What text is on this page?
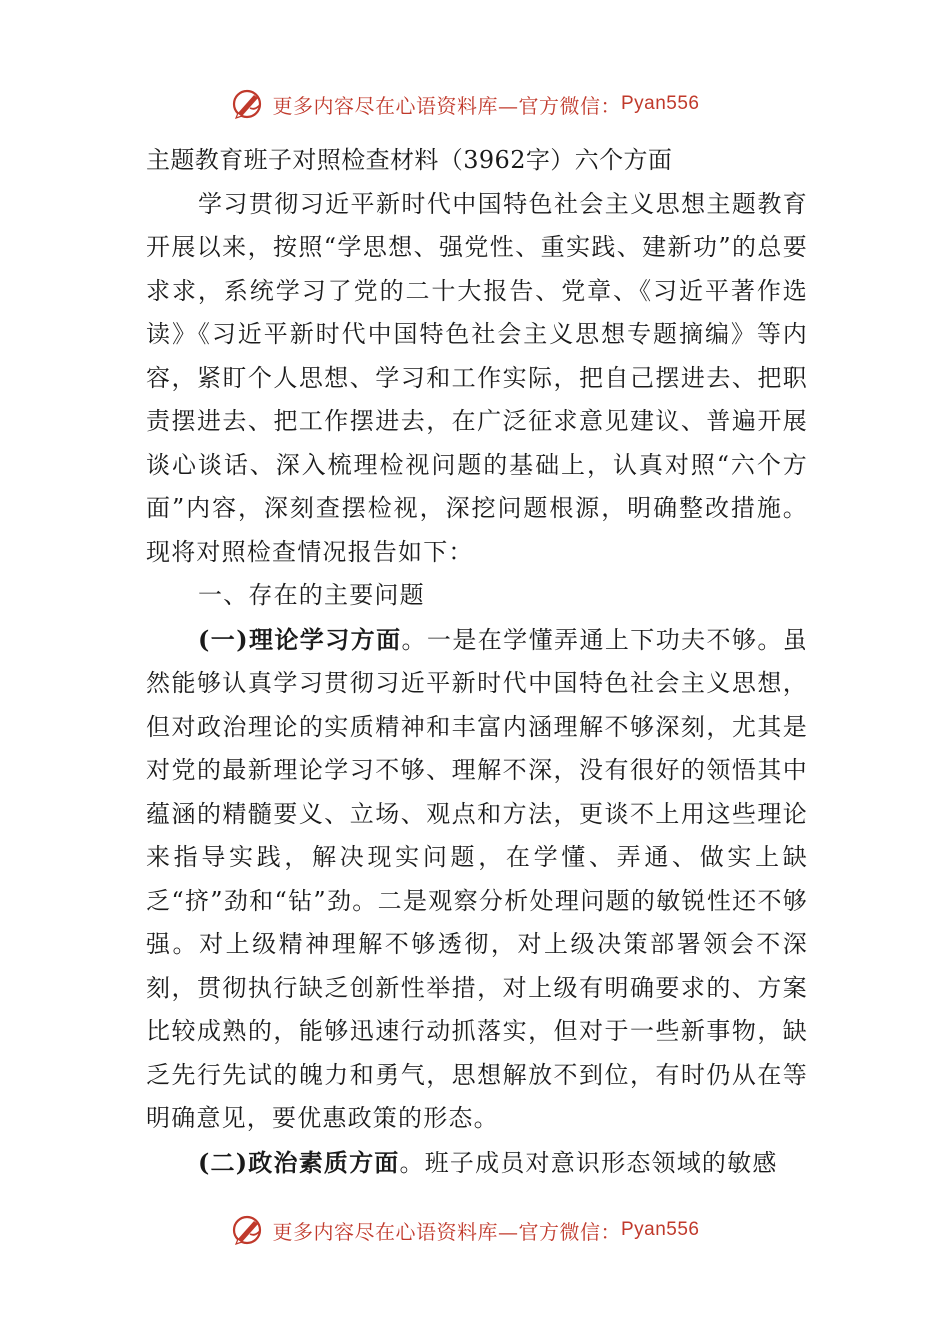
更多内容尽在心语资料库—官方微信： Pyan556
主题教育班子对照检查材料（3962字）六个方面

学习贯彻习近平新时代中国特色社会主义思想主题教育开展以来，按照“学思想、强党性、重实践、建新功”的总要求求，系统学习了党的二十大报告、党章、《习近平著作选读》《习近平新时代中国特色社会主义思想专题摘编》等内容，紧盯个人思想、学习和工作实际，把自己摆进去、把职责摆进去、把工作摆进去，在广泛征求意见建议、普遍开展谈心谈话、深入梳理检视问题的基础上，认真对照“六个方面”内容，深刻查摆检视，深挖问题根源，明确整改措施。现将对照检查情况报告如下：

一、存在的主要问题

(一)理论学习方面。一是在学懂弄通上下功夫不够。虽然能够认真学习贯彻习近平新时代中国特色社会主义思想，但对政治理论的实质精神和丰富内涵理解不够深刻，尤其是对党的最新理论学习不够、理解不深，没有很好的领悟其中蕴涵的精髓要义、立场、观点和方法，更谈不上用这些理论来指导实践，解决现实问题，在学懂、弄通、做实上缺乏“挤”劲和“钻”劲。二是观察分析处理问题的敏锐性还不够强。对上级精神理解不够透彻，对上级决策部署领会不深刻，贯彻执行缺乏创新性举措，对上级有明确要求的、方案比较成熟的，能够迅速行动抓落实，但对于一些新事物，缺乏先行先试的魄力和勇气，思想解放不到位，有时仍从在等明确意见，要优惠政策的形态。

(二)政治素质方面。班子成员对意识形态领域的敏感

更多内容尽在心语资料库—官方微信： Pyan556
